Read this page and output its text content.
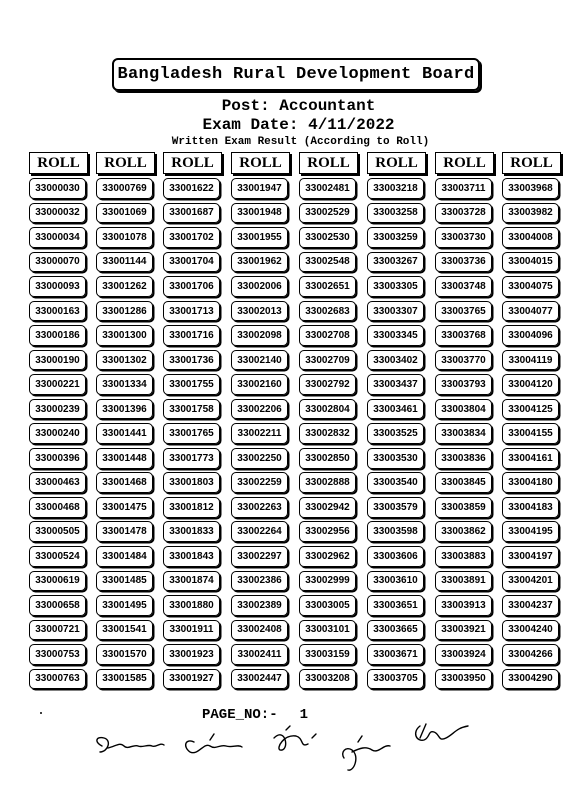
Bangladesh Rural Development Board
Post: Accountant
Exam Date: 4/11/2022
Written Exam Result (According to Roll)
ROLL
33000030
33000032
33000034
33000070
33000093
33000163
33000186
33000190
33000221
33000239
33000240
33000396
33000463
33000468
33000505
33000524
33000619
33000658
33000721
33000753
33000763
ROLL
33000769
33001069
33001078
33001144
33001262
33001286
33001300
33001302
33001334
33001396
33001441
33001448
33001468
33001475
33001478
33001484
33001485
33001495
33001541
33001570
33001585
ROLL
33001622
33001687
33001702
33001704
33001706
33001713
33001716
33001736
33001755
33001758
33001765
33001773
33001803
33001812
33001833
33001843
33001874
33001880
33001911
33001923
33001927
ROLL
33001947
33001948
33001955
33001962
33002006
33002013
33002098
33002140
33002160
33002206
33002211
33002250
33002259
33002263
33002264
33002297
33002386
33002389
33002408
33002411
33002447
ROLL
33002481
33002529
33002530
33002548
33002651
33002683
33002708
33002709
33002792
33002804
33002832
33002850
33002888
33002942
33002956
33002962
33002999
33003005
33003101
33003159
33003208
ROLL
33003218
33003258
33003259
33003267
33003305
33003307
33003345
33003402
33003437
33003461
33003525
33003530
33003540
33003579
33003598
33003606
33003610
33003651
33003665
33003671
33003705
ROLL
33003711
33003728
33003730
33003736
33003748
33003765
33003768
33003770
33003793
33003804
33003834
33003836
33003845
33003859
33003862
33003883
33003891
33003913
33003921
33003924
33003950
ROLL
33003968
33003982
33004008
33004015
33004075
33004077
33004096
33004119
33004120
33004125
33004155
33004161
33004180
33004183
33004195
33004197
33004201
33004237
33004240
33004266
33004290
PAGE_NO:- 1
